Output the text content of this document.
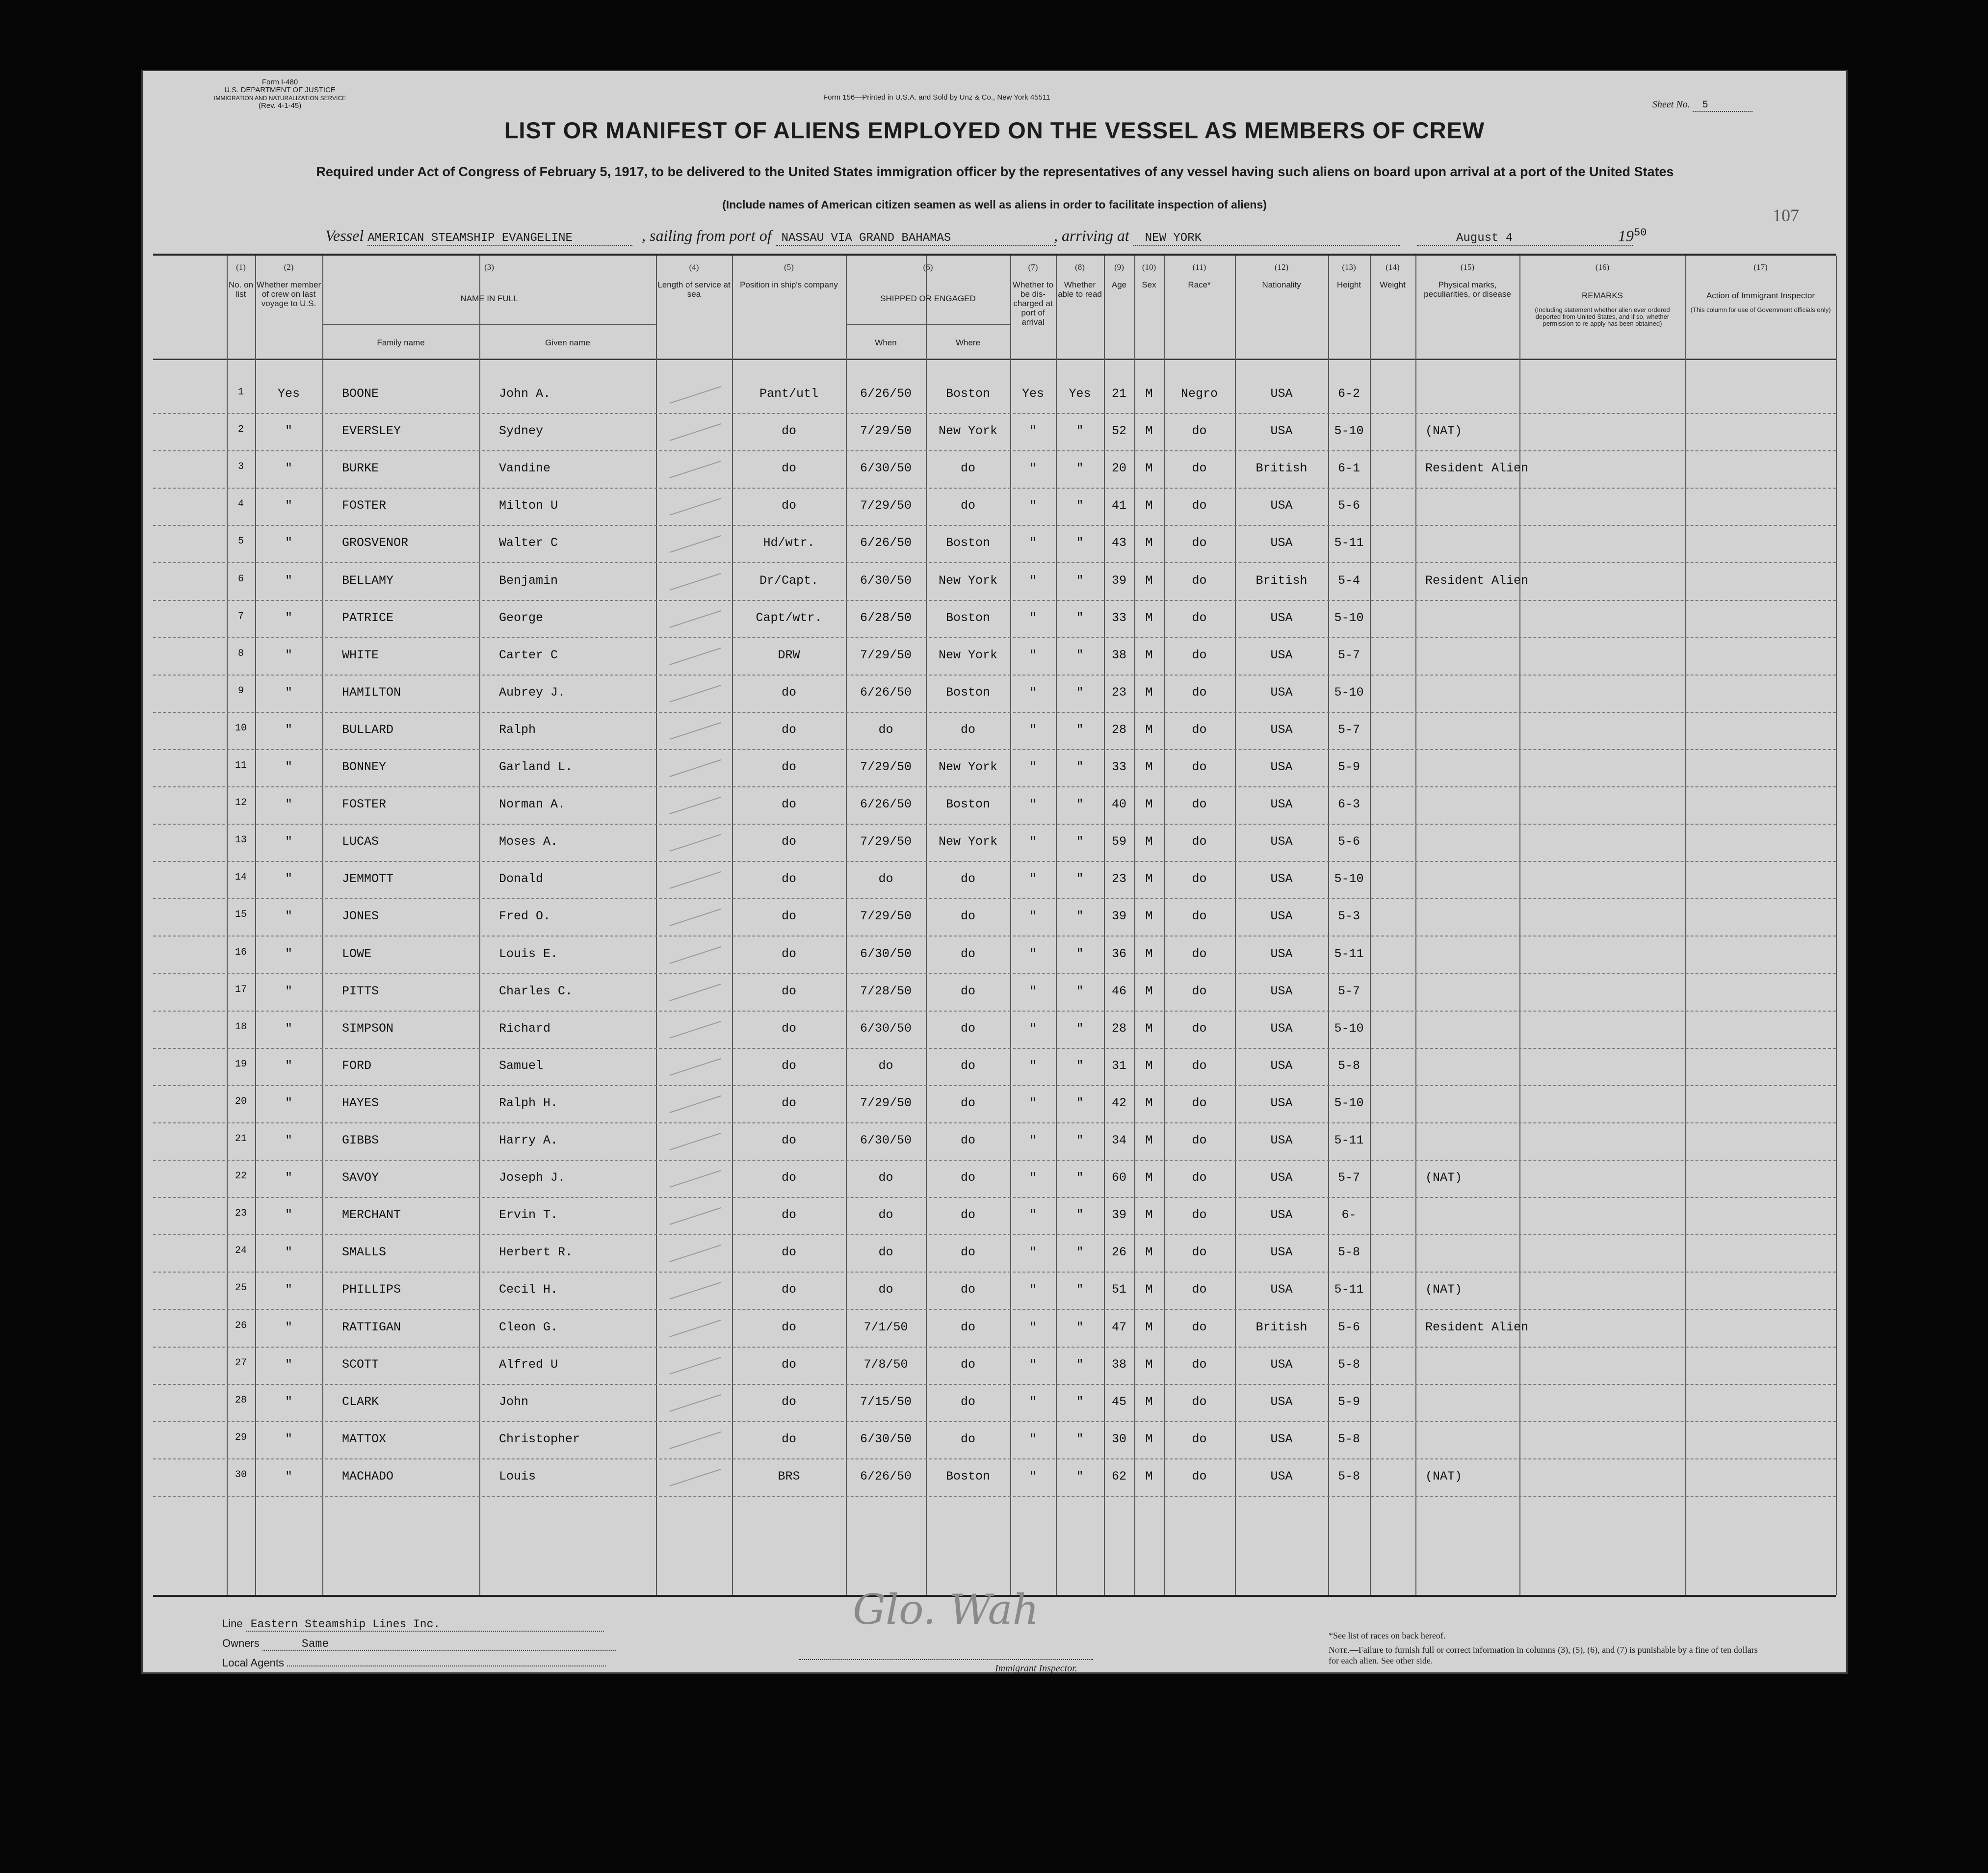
Form I-480
U.S. DEPARTMENT OF JUSTICE
IMMIGRATION AND NATURALIZATION SERVICE
(Rev. 4-1-45)
Form 156—Printed in U.S.A. and Sold by Unz & Co., New York 45511
Sheet No. 5
LIST OR MANIFEST OF ALIENS EMPLOYED ON THE VESSEL AS MEMBERS OF CREW
Required under Act of Congress of February 5, 1917, to be delivered to the United States immigration officer by the representatives of any vessel having such aliens on board upon arrival at a port of the United States
(Include names of American citizen seamen as well as aliens in order to facilitate inspection of aliens)
107
Vessel AMERICAN STEAMSHIP EVANGELINE	, sailing from port of NASSAU VIA GRAND BAHAMAS	, arriving at NEW YORK	August 4	$19^{50}$
(1)
No. on list
(2)
Whether member of crew on last voyage to U.S.
(3)
NAME IN FULL
Family name	Given name
(4)
Length of service at sea
(5)
Position in ship's company
(6)
SHIPPED OR ENGAGED
When	Where
(7)
Whether to be dis-charged at port of arrival
(8)
Whether able to read
(9)
Age
(10)
Sex
(11)
Race*
(12)
Nationality
(13)
Height
(14)
Weight
(15)
Physical marks, peculiarities, or disease
(16)
REMARKS
(Including statement whether alien ever ordered deported from United States, and if so, whether permission to re-apply has been obtained)
(17)
Action of Immigrant Inspector
(This column for use of Government officials only)
1	Yes	BOONE	John A.	Pant/utl	6/26/50	Boston	Yes	Yes	21	M	Negro	USA	6-2
2	"	EVERSLEY	Sydney	do	7/29/50	New York	"	"	52	M	do	USA	5-10	(NAT)
3	"	BURKE	Vandine	do	6/30/50	do	"	"	20	M	do	British	6-1	Resident Alien
4	"	FOSTER	Milton U	do	7/29/50	do	"	"	41	M	do	USA	5-6
5	"	GROSVENOR	Walter C	Hd/wtr.	6/26/50	Boston	"	"	43	M	do	USA	5-11
6	"	BELLAMY	Benjamin	Dr/Capt.	6/30/50	New York	"	"	39	M	do	British	5-4	Resident Alien
7	"	PATRICE	George	Capt/wtr.	6/28/50	Boston	"	"	33	M	do	USA	5-10
8	"	WHITE	Carter C	DRW	7/29/50	New York	"	"	38	M	do	USA	5-7
9	"	HAMILTON	Aubrey J.	do	6/26/50	Boston	"	"	23	M	do	USA	5-10
10	"	BULLARD	Ralph	do	do	do	"	"	28	M	do	USA	5-7
11	"	BONNEY	Garland L.	do	7/29/50	New York	"	"	33	M	do	USA	5-9
12	"	FOSTER	Norman A.	do	6/26/50	Boston	"	"	40	M	do	USA	6-3
13	"	LUCAS	Moses A.	do	7/29/50	New York	"	"	59	M	do	USA	5-6
14	"	JEMMOTT	Donald	do	do	do	"	"	23	M	do	USA	5-10
15	"	JONES	Fred O.	do	7/29/50	do	"	"	39	M	do	USA	5-3
16	"	LOWE	Louis E.	do	6/30/50	do	"	"	36	M	do	USA	5-11
17	"	PITTS	Charles C.	do	7/28/50	do	"	"	46	M	do	USA	5-7
18	"	SIMPSON	Richard	do	6/30/50	do	"	"	28	M	do	USA	5-10
19	"	FORD	Samuel	do	do	do	"	"	31	M	do	USA	5-8
20	"	HAYES	Ralph H.	do	7/29/50	do	"	"	42	M	do	USA	5-10
21	"	GIBBS	Harry A.	do	6/30/50	do	"	"	34	M	do	USA	5-11
22	"	SAVOY	Joseph J.	do	do	do	"	"	60	M	do	USA	5-7	(NAT)
23	"	MERCHANT	Ervin T.	do	do	do	"	"	39	M	do	USA	6-
24	"	SMALLS	Herbert R.	do	do	do	"	"	26	M	do	USA	5-8
25	"	PHILLIPS	Cecil H.	do	do	do	"	"	51	M	do	USA	5-11	(NAT)
26	"	RATTIGAN	Cleon G.	do	7/1/50	do	"	"	47	M	do	British	5-6	Resident Alien
27	"	SCOTT	Alfred U	do	7/8/50	do	"	"	38	M	do	USA	5-8
28	"	CLARK	John	do	7/15/50	do	"	"	45	M	do	USA	5-9
29	"	MATTOX	Christopher	do	6/30/50	do	"	"	30	M	do	USA	5-8
30	"	MACHADO	Louis	BRS	6/26/50	Boston	"	"	62	M	do	USA	5-8	(NAT)
Line Eastern Steamship Lines Inc.
Owners	Same
Local Agents
Glo. Wah
Immigrant Inspector.
*See list of races on back hereof.
Note.—Failure to furnish full or correct information in columns (3), (5), (6), and (7) is punishable by a fine of ten dollars for each alien. See other side.
